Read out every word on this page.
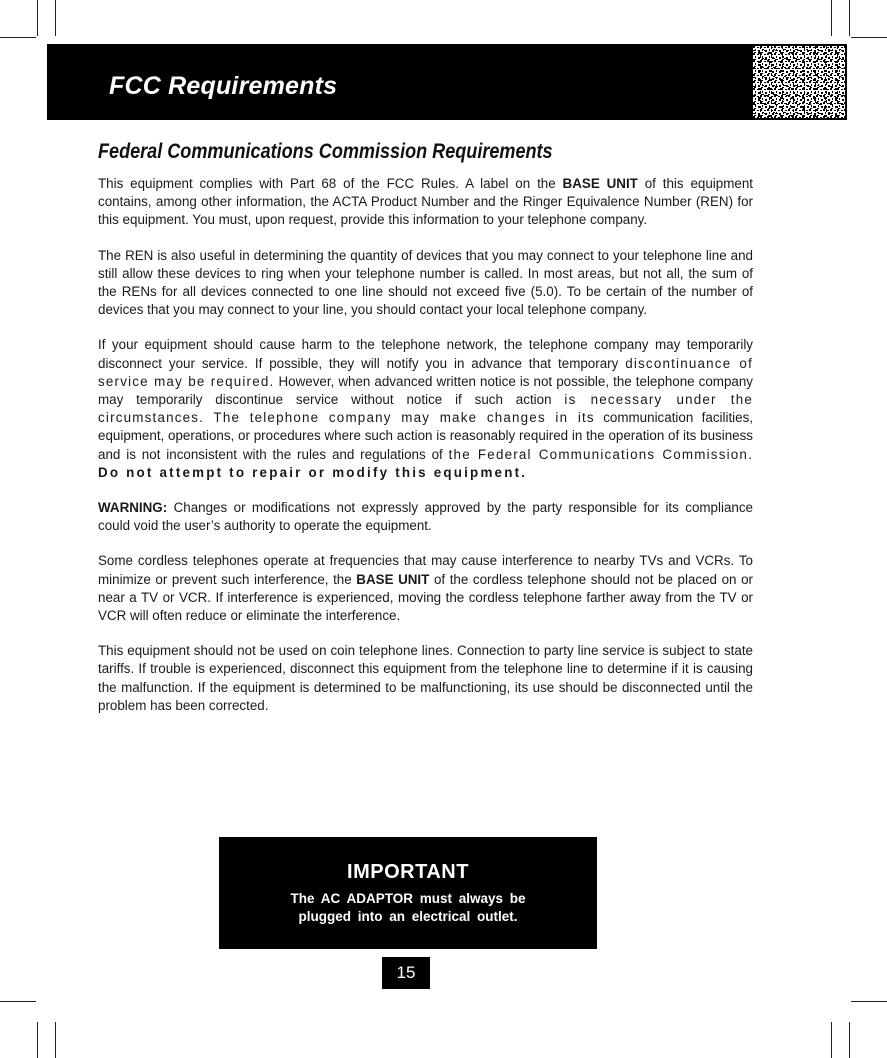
FCC Requirements
Federal Communications Commission Requirements

This equipment complies with Part 68 of the FCC Rules. A label on the BASE UNIT of this equipment contains, among other information, the ACTA Product Number and the Ringer Equivalence Number (REN) for this equipment. You must, upon request, provide this information to your telephone company.

The REN is also useful in determining the quantity of devices that you may connect to your telephone line and still allow these devices to ring when your telephone number is called. In most areas, but not all, the sum of the RENs for all devices connected to one line should not exceed five (5.0). To be certain of the number of devices that you may connect to your line, you should contact your local telephone company.

If your equipment should cause harm to the telephone network, the telephone company may temporarily disconnect your service. If possible, they will notify you in advance that temporary discontinuance of service may be required. However, when advanced written notice is not possible, the telephone company may temporarily discontinue service without notice if such action is necessary under the circumstances. The telephone company may make changes in its communication facilities, equipment, operations, or procedures where such action is reasonably required in the operation of its business and is not inconsistent with the rules and regulations of the Federal Communications Commission. Do not attempt to repair or modify this equipment.

WARNING: Changes or modifications not expressly approved by the party responsible for its compliance could void the user’s authority to operate the equipment.

Some cordless telephones operate at frequencies that may cause interference to nearby TVs and VCRs. To minimize or prevent such interference, the BASE UNIT of the cordless telephone should not be placed on or near a TV or VCR. If interference is experienced, moving the cordless telephone farther away from the TV or VCR will often reduce or eliminate the interference.

This equipment should not be used on coin telephone lines. Connection to party line service is subject to state tariffs. If trouble is experienced, disconnect this equipment from the telephone line to determine if it is causing the malfunction. If the equipment is determined to be malfunctioning, its use should be disconnected until the problem has been corrected.

IMPORTANT
The AC ADAPTOR must always be
plugged into an electrical outlet.
15
